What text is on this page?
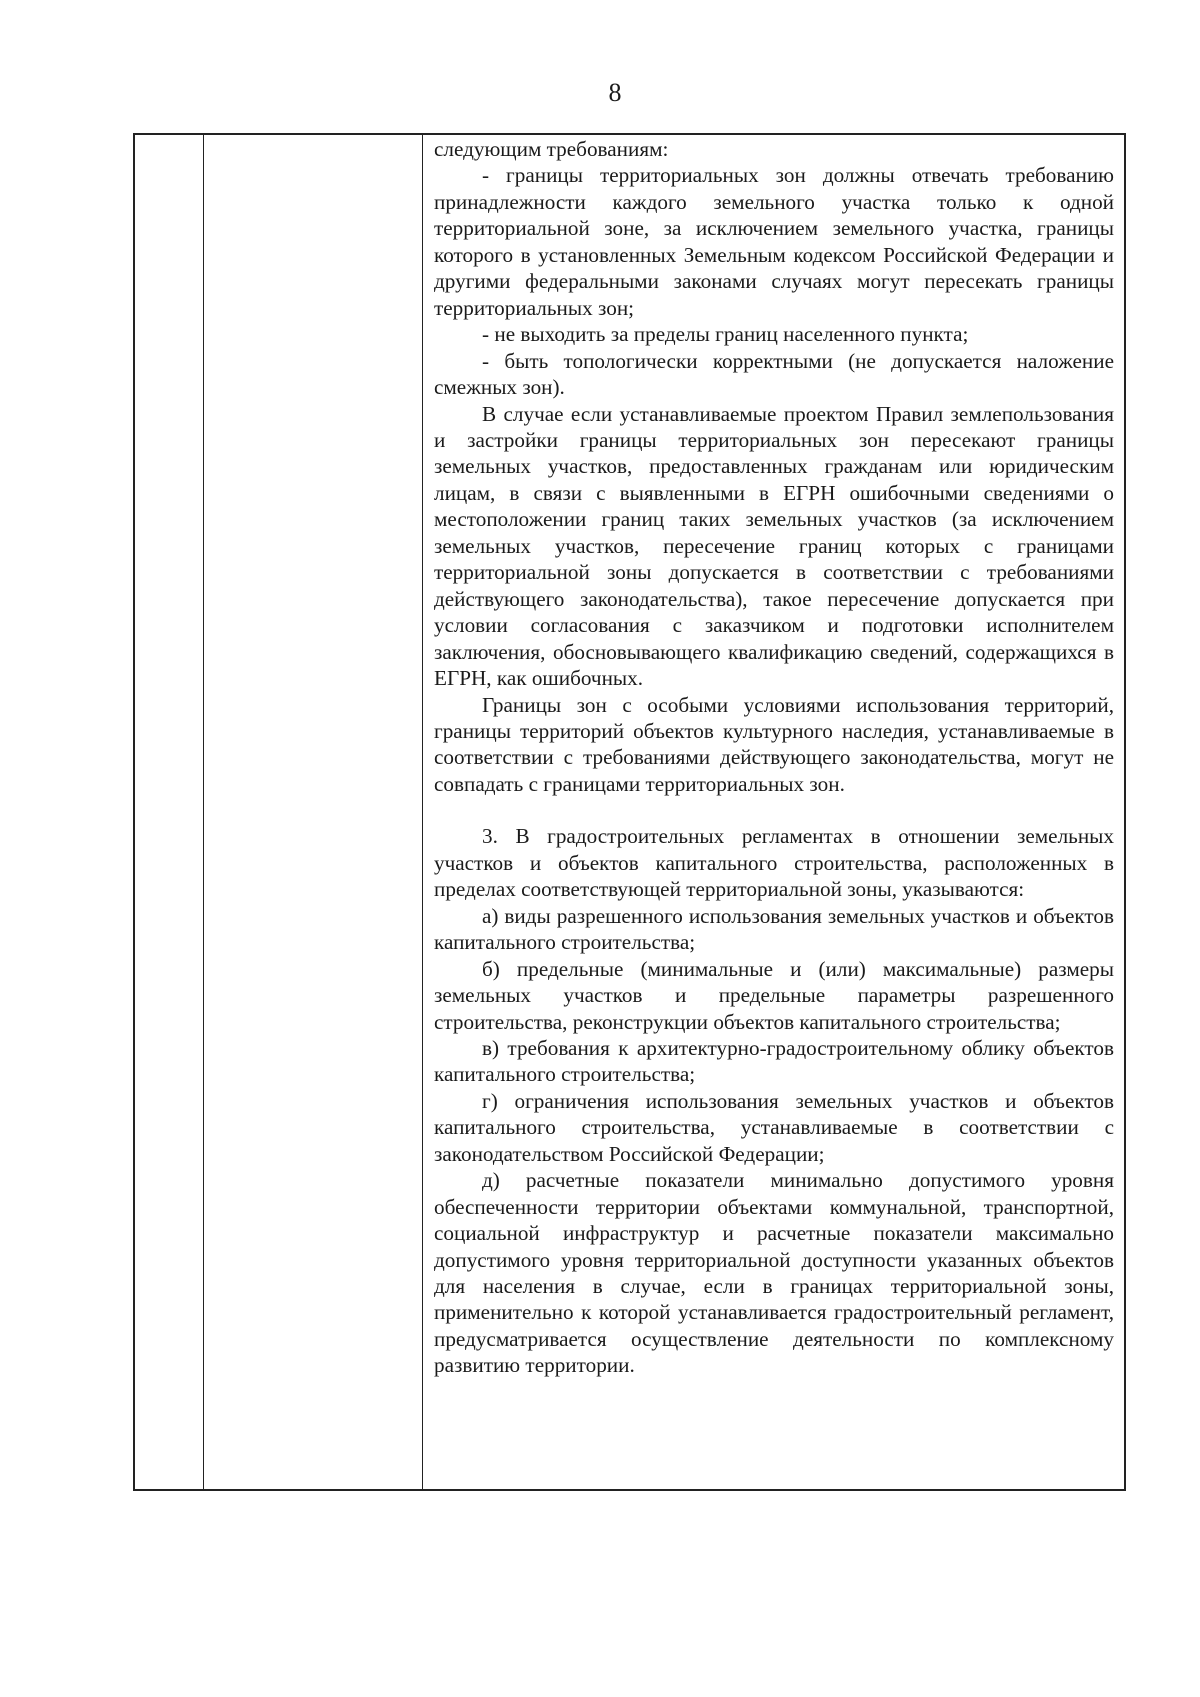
8

следующим требованиям:

- границы территориальных зон должны отвечать требованию принадлежности каждого земельного участка только к одной территориальной зоне, за исключением земельного участка, границы которого в установленных Земельным кодексом Российской Федерации и другими федеральными законами случаях могут пересекать границы территориальных зон;

- не выходить за пределы границ населенного пункта;

- быть топологически корректными (не допускается наложение смежных зон).

В случае если устанавливаемые проектом Правил землепользования и застройки границы территориальных зон пересекают границы земельных участков, предоставленных гражданам или юридическим лицам, в связи с выявленными в ЕГРН ошибочными сведениями о местоположении границ таких земельных участков (за исключением земельных участков, пересечение границ которых с границами территориальной зоны допускается в соответствии с требованиями действующего законодательства), такое пересечение допускается при условии согласования с заказчиком и подготовки исполнителем заключения, обосновывающего квалификацию сведений, содержащихся в ЕГРН, как ошибочных.

Границы зон с особыми условиями использования территорий, границы территорий объектов культурного наследия, устанавливаемые в соответствии с требованиями действующего законодательства, могут не совпадать с границами территориальных зон.

3. В градостроительных регламентах в отношении земельных участков и объектов капитального строительства, расположенных в пределах соответствующей территориальной зоны, указываются:

а) виды разрешенного использования земельных участков и объектов капитального строительства;

б) предельные (минимальные и (или) максимальные) размеры земельных участков и предельные параметры разрешенного строительства, реконструкции объектов капитального строительства;

в) требования к архитектурно-градостроительному облику объектов капитального строительства;

г) ограничения использования земельных участков и объектов капитального строительства, устанавливаемые в соответствии с законодательством Российской Федерации;

д) расчетные показатели минимально допустимого уровня обеспеченности территории объектами коммунальной, транспортной, социальной инфраструктур и расчетные показатели максимально допустимого уровня территориальной доступности указанных объектов для населения в случае, если в границах территориальной зоны, применительно к которой устанавливается градостроительный регламент, предусматривается осуществление деятельности по комплексному развитию территории.
